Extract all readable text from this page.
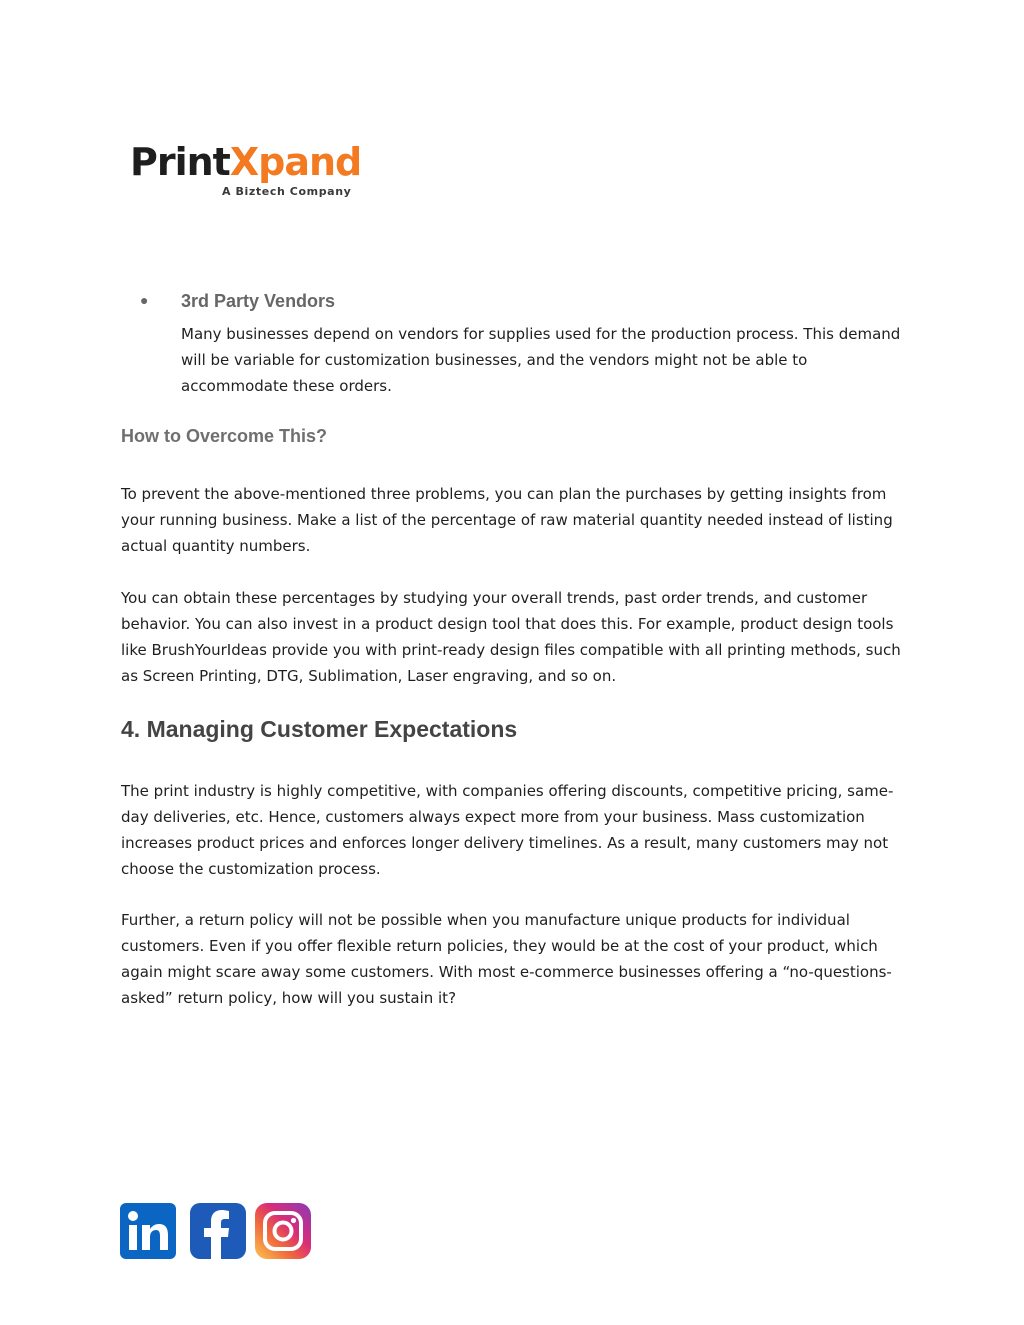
PrintXpand
A Biztech Company
● 3rd Party Vendors

Many businesses depend on vendors for supplies used for the production process. This demand will be variable for customization businesses, and the vendors might not be able to accommodate these orders.

How to Overcome This?

To prevent the above-mentioned three problems, you can plan the purchases by getting insights from your running business. Make a list of the percentage of raw material quantity needed instead of listing actual quantity numbers.

You can obtain these percentages by studying your overall trends, past order trends, and customer behavior. You can also invest in a product design tool that does this. For example, product design tools like BrushYourIdeas provide you with print-ready design files compatible with all printing methods, such as Screen Printing, DTG, Sublimation, Laser engraving, and so on.

4. Managing Customer Expectations

The print industry is highly competitive, with companies offering discounts, competitive pricing, same-day deliveries, etc. Hence, customers always expect more from your business. Mass customization increases product prices and enforces longer delivery timelines. As a result, many customers may not choose the customization process.

Further, a return policy will not be possible when you manufacture unique products for individual customers. Even if you offer flexible return policies, they would be at the cost of your product, which again might scare away some customers. With most e-commerce businesses offering a “no-questions-asked” return policy, how will you sustain it?
